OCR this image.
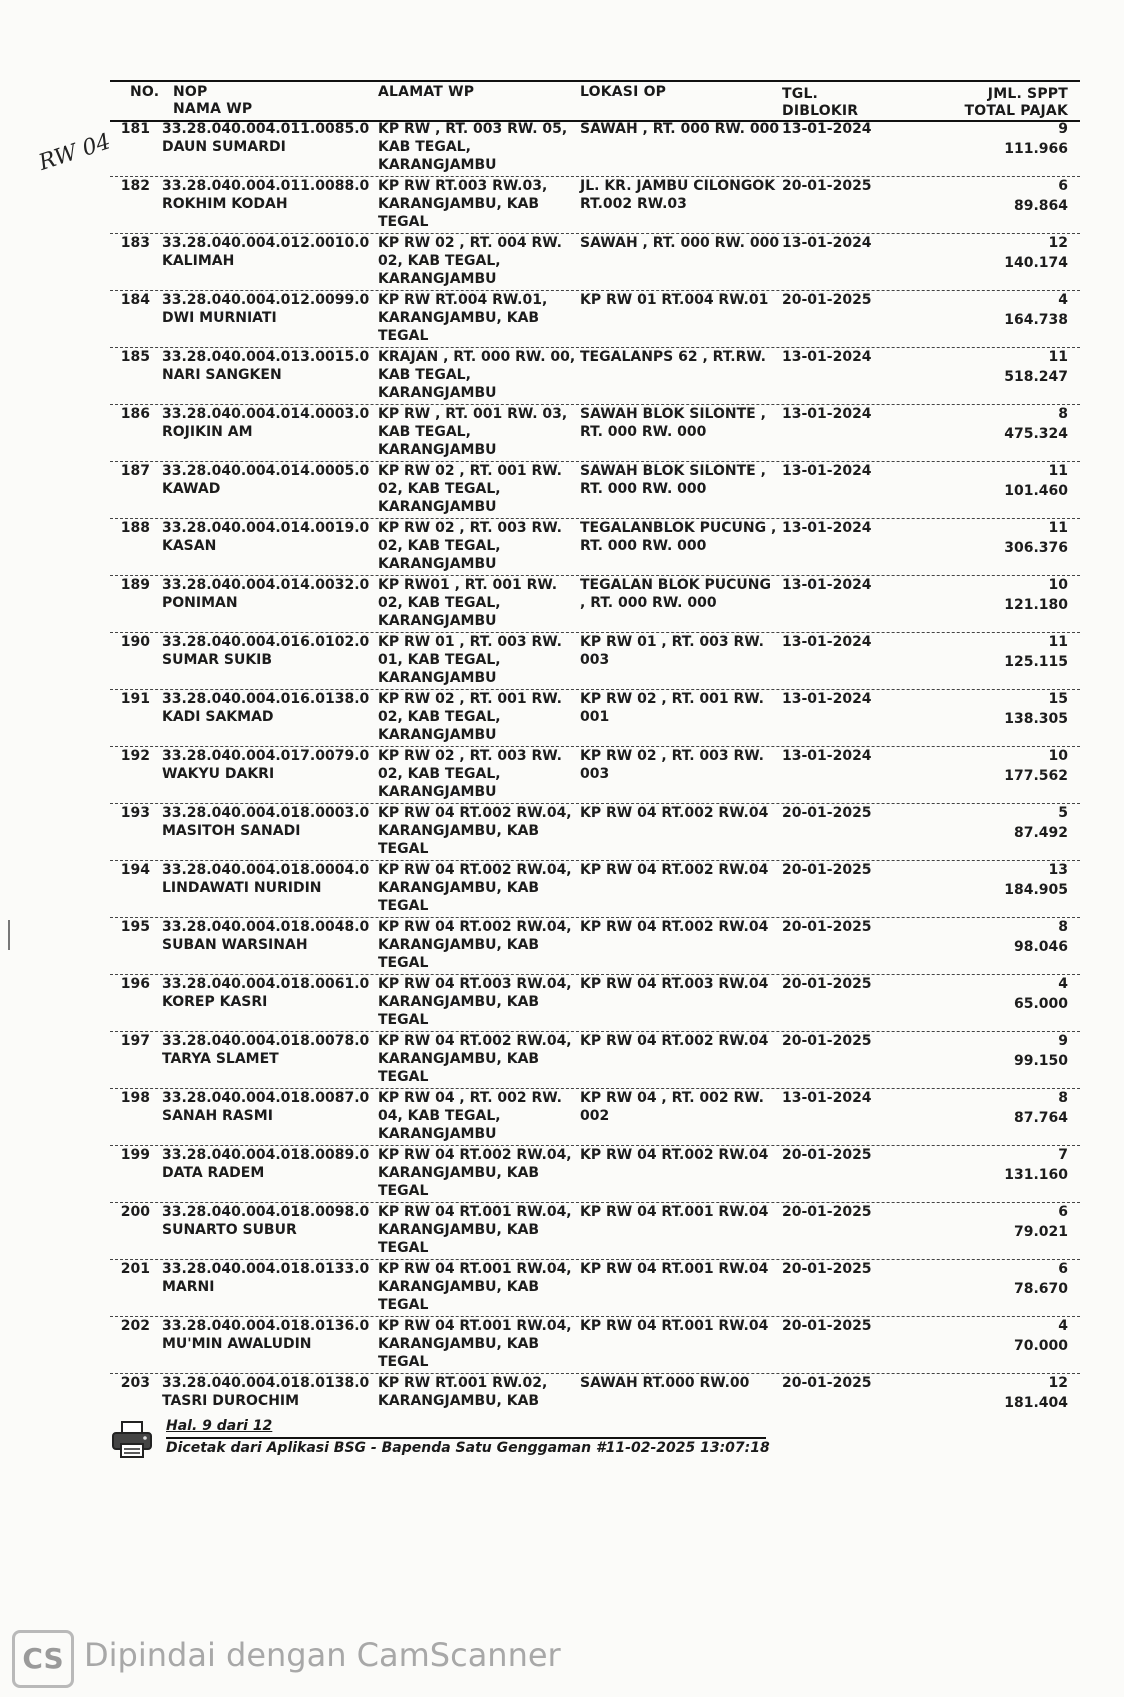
RW 04
NO. NOP
NAMA WP
ALAMAT WP	LOKASI OP	TGL.
DIBLOKIR
JML. SPPT
TOTAL PAJAK
181 33.28.040.004.011.0085.0
DAUN SUMARDI
KP RW , RT. 003 RW. 05, KAB TEGAL, KARANGJAMBU
SAWAH , RT. 000 RW. 000 13-01-2024	9
111.966
182 33.28.040.004.011.0088.0
ROKHIM KODAH
KP RW RT.003 RW.03, KARANGJAMBU, KAB TEGAL
JL. KR. JAMBU CILONGOK RT.002 RW.03
20-01-2025	6
89.864
183 33.28.040.004.012.0010.0
KALIMAH
KP RW 02 , RT. 004 RW. 02, KAB TEGAL, KARANGJAMBU
SAWAH , RT. 000 RW. 000 13-01-2024	12
140.174
184 33.28.040.004.012.0099.0
DWI MURNIATI
KP RW RT.004 RW.01, KARANGJAMBU, KAB TEGAL
KP RW 01 RT.004 RW.01 20-01-2025	4
164.738
185 33.28.040.004.013.0015.0
NARI SANGKEN
KRAJAN , RT. 000 RW. 00, KAB TEGAL, KARANGJAMBU
TEGALANPS 62 , RT.RW.	13-01-2024	11
518.247
186 33.28.040.004.014.0003.0
ROJIKIN AM
KP RW , RT. 001 RW. 03, KAB TEGAL, KARANGJAMBU
SAWAH BLOK SILONTE , RT. 000 RW. 000
13-01-2024	8
475.324
187 33.28.040.004.014.0005.0
KAWAD
KP RW 02 , RT. 001 RW. 02, KAB TEGAL, KARANGJAMBU
SAWAH BLOK SILONTE , RT. 000 RW. 000
13-01-2024	11
101.460
188 33.28.040.004.014.0019.0
KASAN
KP RW 02 , RT. 003 RW. 02, KAB TEGAL, KARANGJAMBU
TEGALANBLOK PUCUNG , RT. 000 RW. 000
13-01-2024	11
306.376
189 33.28.040.004.014.0032.0
PONIMAN
KP RW01 , RT. 001 RW. 02, KAB TEGAL, KARANGJAMBU
TEGALAN BLOK PUCUNG , RT. 000 RW. 000
13-01-2024	10
121.180
190 33.28.040.004.016.0102.0
SUMAR SUKIB
KP RW 01 , RT. 003 RW. 01, KAB TEGAL, KARANGJAMBU
KP RW 01 , RT. 003 RW. 003
13-01-2024	11
125.115
191 33.28.040.004.016.0138.0
KADI SAKMAD
KP RW 02 , RT. 001 RW. 02, KAB TEGAL, KARANGJAMBU
KP RW 02 , RT. 001 RW. 001
13-01-2024	15
138.305
192 33.28.040.004.017.0079.0
WAKYU DAKRI
KP RW 02 , RT. 003 RW. 02, KAB TEGAL, KARANGJAMBU
KP RW 02 , RT. 003 RW. 003
13-01-2024	10
177.562
193 33.28.040.004.018.0003.0
MASITOH SANADI
KP RW 04 RT.002 RW.04, KARANGJAMBU, KAB TEGAL
KP RW 04 RT.002 RW.04 20-01-2025	5
87.492
194 33.28.040.004.018.0004.0
LINDAWATI NURIDIN
KP RW 04 RT.002 RW.04, KARANGJAMBU, KAB TEGAL
KP RW 04 RT.002 RW.04 20-01-2025	13
184.905
195 33.28.040.004.018.0048.0
SUBAN WARSINAH
KP RW 04 RT.002 RW.04, KARANGJAMBU, KAB TEGAL
KP RW 04 RT.002 RW.04 20-01-2025	8
98.046
196 33.28.040.004.018.0061.0
KOREP KASRI
KP RW 04 RT.003 RW.04, KARANGJAMBU, KAB TEGAL
KP RW 04 RT.003 RW.04 20-01-2025	4
65.000
197 33.28.040.004.018.0078.0
TARYA SLAMET
KP RW 04 RT.002 RW.04, KARANGJAMBU, KAB TEGAL
KP RW 04 RT.002 RW.04 20-01-2025	9
99.150
198 33.28.040.004.018.0087.0
SANAH RASMI
KP RW 04 , RT. 002 RW. 04, KAB TEGAL, KARANGJAMBU
KP RW 04 , RT. 002 RW. 002
13-01-2024	8
87.764
199 33.28.040.004.018.0089.0
DATA RADEM
KP RW 04 RT.002 RW.04, KARANGJAMBU, KAB TEGAL
KP RW 04 RT.002 RW.04 20-01-2025	7
131.160
200 33.28.040.004.018.0098.0
SUNARTO SUBUR
KP RW 04 RT.001 RW.04, KARANGJAMBU, KAB TEGAL
KP RW 04 RT.001 RW.04 20-01-2025	6
79.021
201 33.28.040.004.018.0133.0
MARNI
KP RW 04 RT.001 RW.04, KARANGJAMBU, KAB TEGAL
KP RW 04 RT.001 RW.04 20-01-2025	6
78.670
202 33.28.040.004.018.0136.0
MU'MIN AWALUDIN
KP RW 04 RT.001 RW.04, KARANGJAMBU, KAB TEGAL
KP RW 04 RT.001 RW.04 20-01-2025	4
70.000
203 33.28.040.004.018.0138.0
TASRI DUROCHIM
KP RW RT.001 RW.02, KARANGJAMBU, KAB
SAWAH RT.000 RW.00	20-01-2025	12
181.404
Hal. 9 dari 12
Dicetak dari Aplikasi BSG - Bapenda Satu Genggaman #11-02-2025 13:07:18
CS Dipindai dengan CamScanner
